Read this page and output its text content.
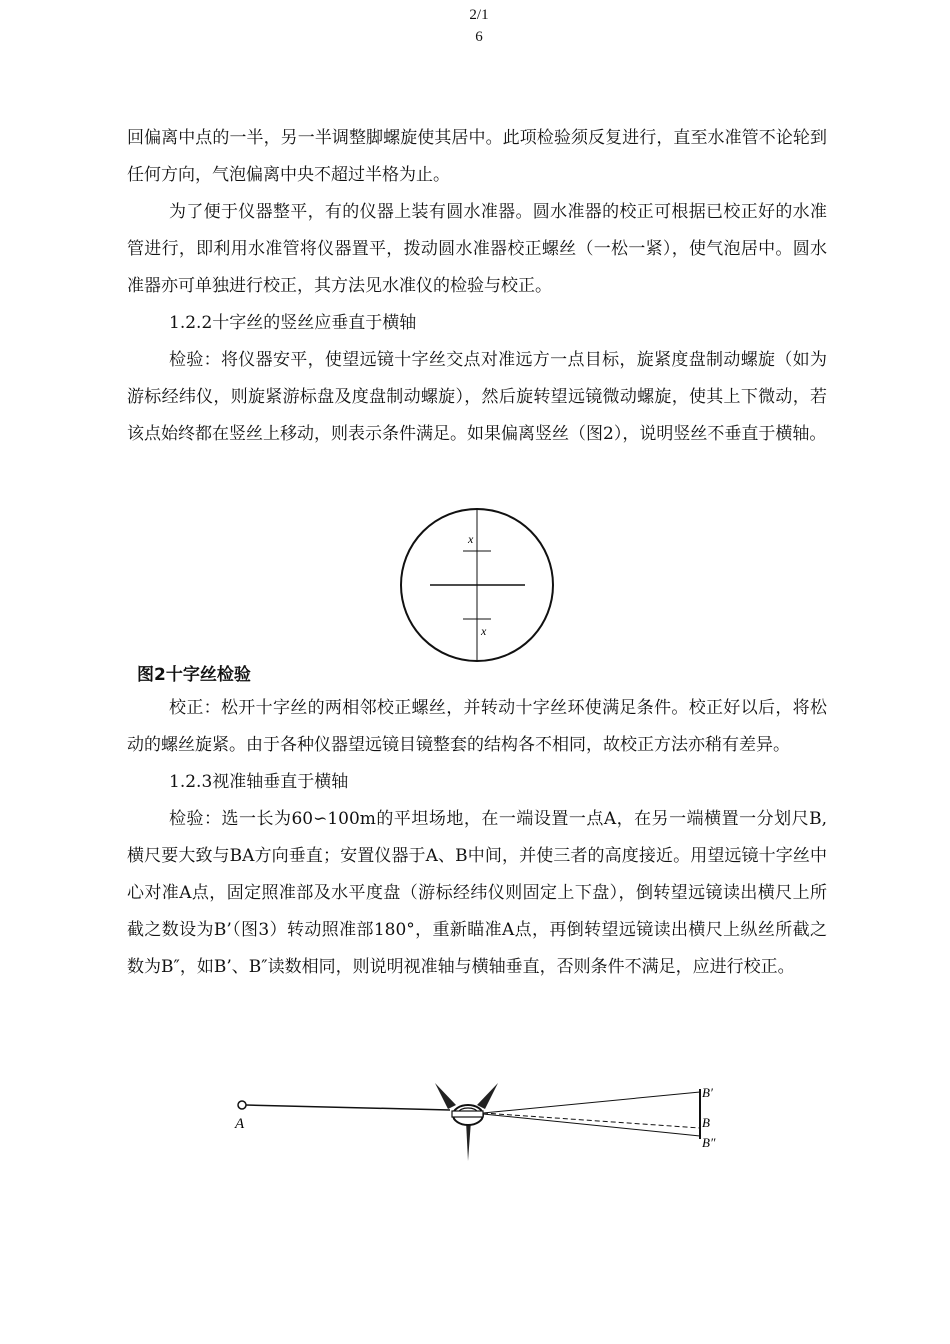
2/1
6

回偏离中点的一半，另一半调整脚螺旋使其居中。此项检验须反复进行，直至水准管不论轮到任何方向，气泡偏离中央不超过半格为止。

为了便于仪器整平，有的仪器上装有圆水准器。圆水准器的校正可根据已校正好的水准管进行，即利用水准管将仪器置平，拨动圆水准器校正螺丝（一松一紧），使气泡居中。圆水准器亦可单独进行校正，其方法见水准仪的检验与校正。

1.2.2十字丝的竖丝应垂直于横轴

检验：将仪器安平，使望远镜十字丝交点对准远方一点目标，旋紧度盘制动螺旋（如为游标经纬仪，则旋紧游标盘及度盘制动螺旋），然后旋转望远镜微动螺旋，使其上下微动，若该点始终都在竖丝上移动，则表示条件满足。如果偏离竖丝（图2），说明竖丝不垂直于横轴。

x
x
图2十字丝检验

校正：松开十字丝的两相邻校正螺丝，并转动十字丝环使满足条件。校正好以后，将松动的螺丝旋紧。由于各种仪器望远镜目镜整套的结构各不相同，故校正方法亦稍有差异。

1.2.3视准轴垂直于横轴

检验：选一长为60∽100m的平坦场地，在一端设置一点A，在另一端横置一分划尺B,横尺要大致与BA方向垂直；安置仪器于A、B中间，并使三者的高度接近。用望远镜十字丝中心对准A点，固定照准部及水平度盘（游标经纬仪则固定上下盘），倒转望远镜读出横尺上所截之数设为B’（图3）转动照准部180°，重新瞄准A点，再倒转望远镜读出横尺上纵丝所截之数为B″，如B’、B″读数相同，则说明视准轴与横轴垂直，否则条件不满足，应进行校正。

A
B′
B
B″
